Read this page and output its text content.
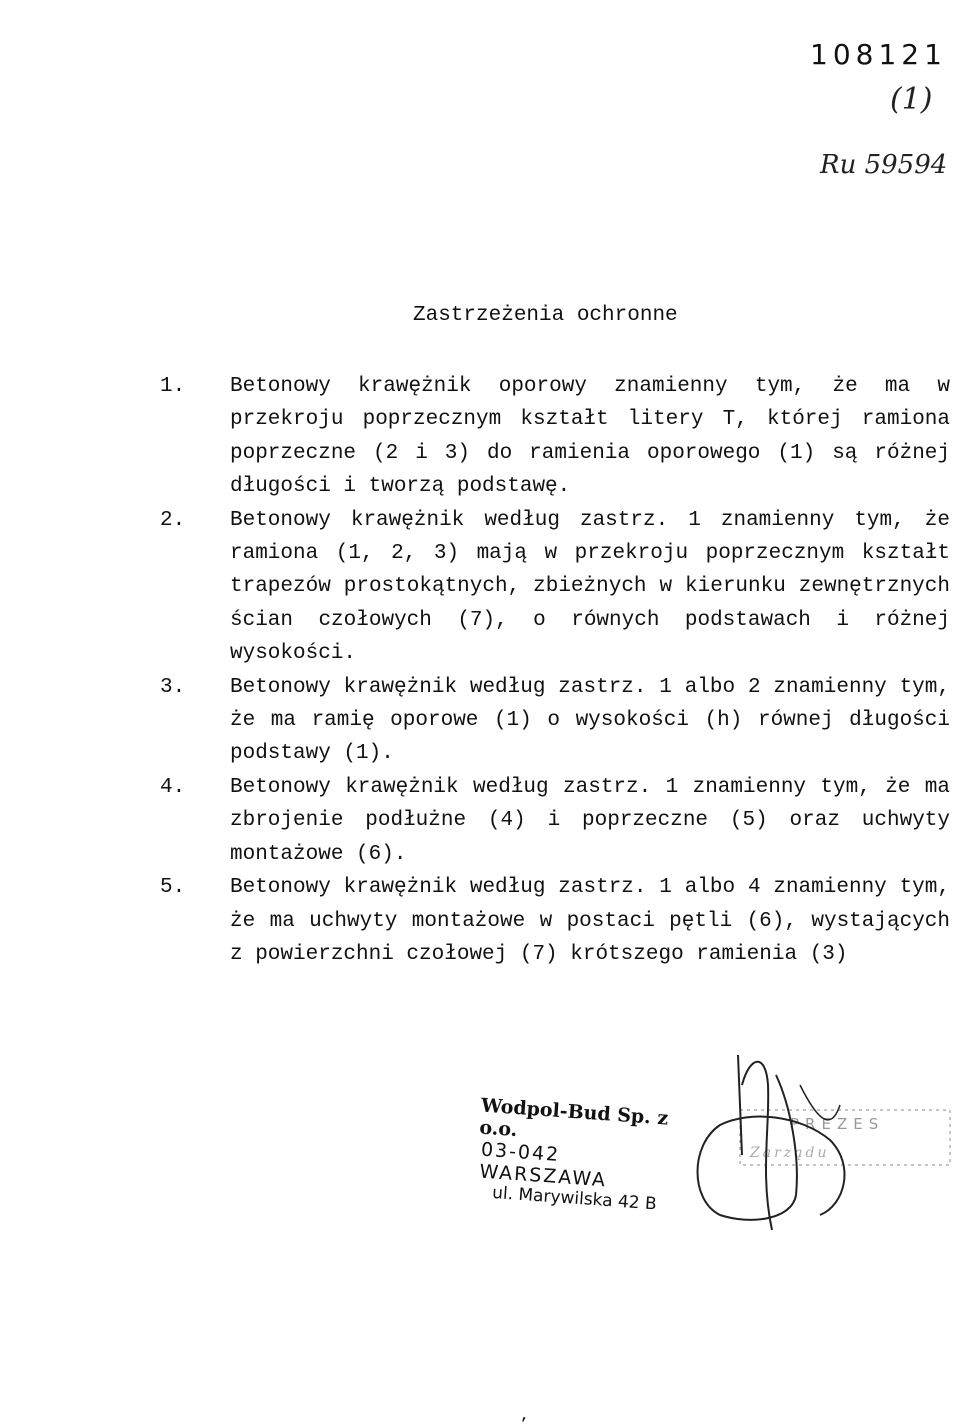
108121
(1)
Ru 59594
Zastrzeżenia ochronne
1. Betonowy krawężnik oporowy znamienny tym, że ma w przekroju poprzecznym kształt litery T, której ramiona poprzeczne (2 i 3) do ramienia oporowego (1) są różnej długości i tworzą podstawę.
2. Betonowy krawężnik według zastrz. 1 znamienny tym, że ramiona (1, 2, 3) mają w przekroju poprzecznym kształt trapezów prostokątnych, zbieżnych w kierunku zewnętrznych ścian czołowych (7), o równych podstawach i różnej wysokości.
3. Betonowy krawężnik według zastrz. 1 albo 2 znamienny tym, że ma ramię oporowe (1) o wysokości (h) równej długości podstawy (1).
4. Betonowy krawężnik według zastrz. 1 znamienny tym, że ma zbrojenie podłużne (4) i poprzeczne (5) oraz uchwyty montażowe (6).
5. Betonowy krawężnik według zastrz. 1 albo 4 znamienny tym, że ma uchwyty montażowe w postaci pętli (6), wystających z powierzchni czołowej (7) krótszego ramienia (3)
Wodpol-Bud Sp. z o.o.
03-042 WARSZAWA
ul. Marywilska 42 B
PREZES
Zarządu
‚
